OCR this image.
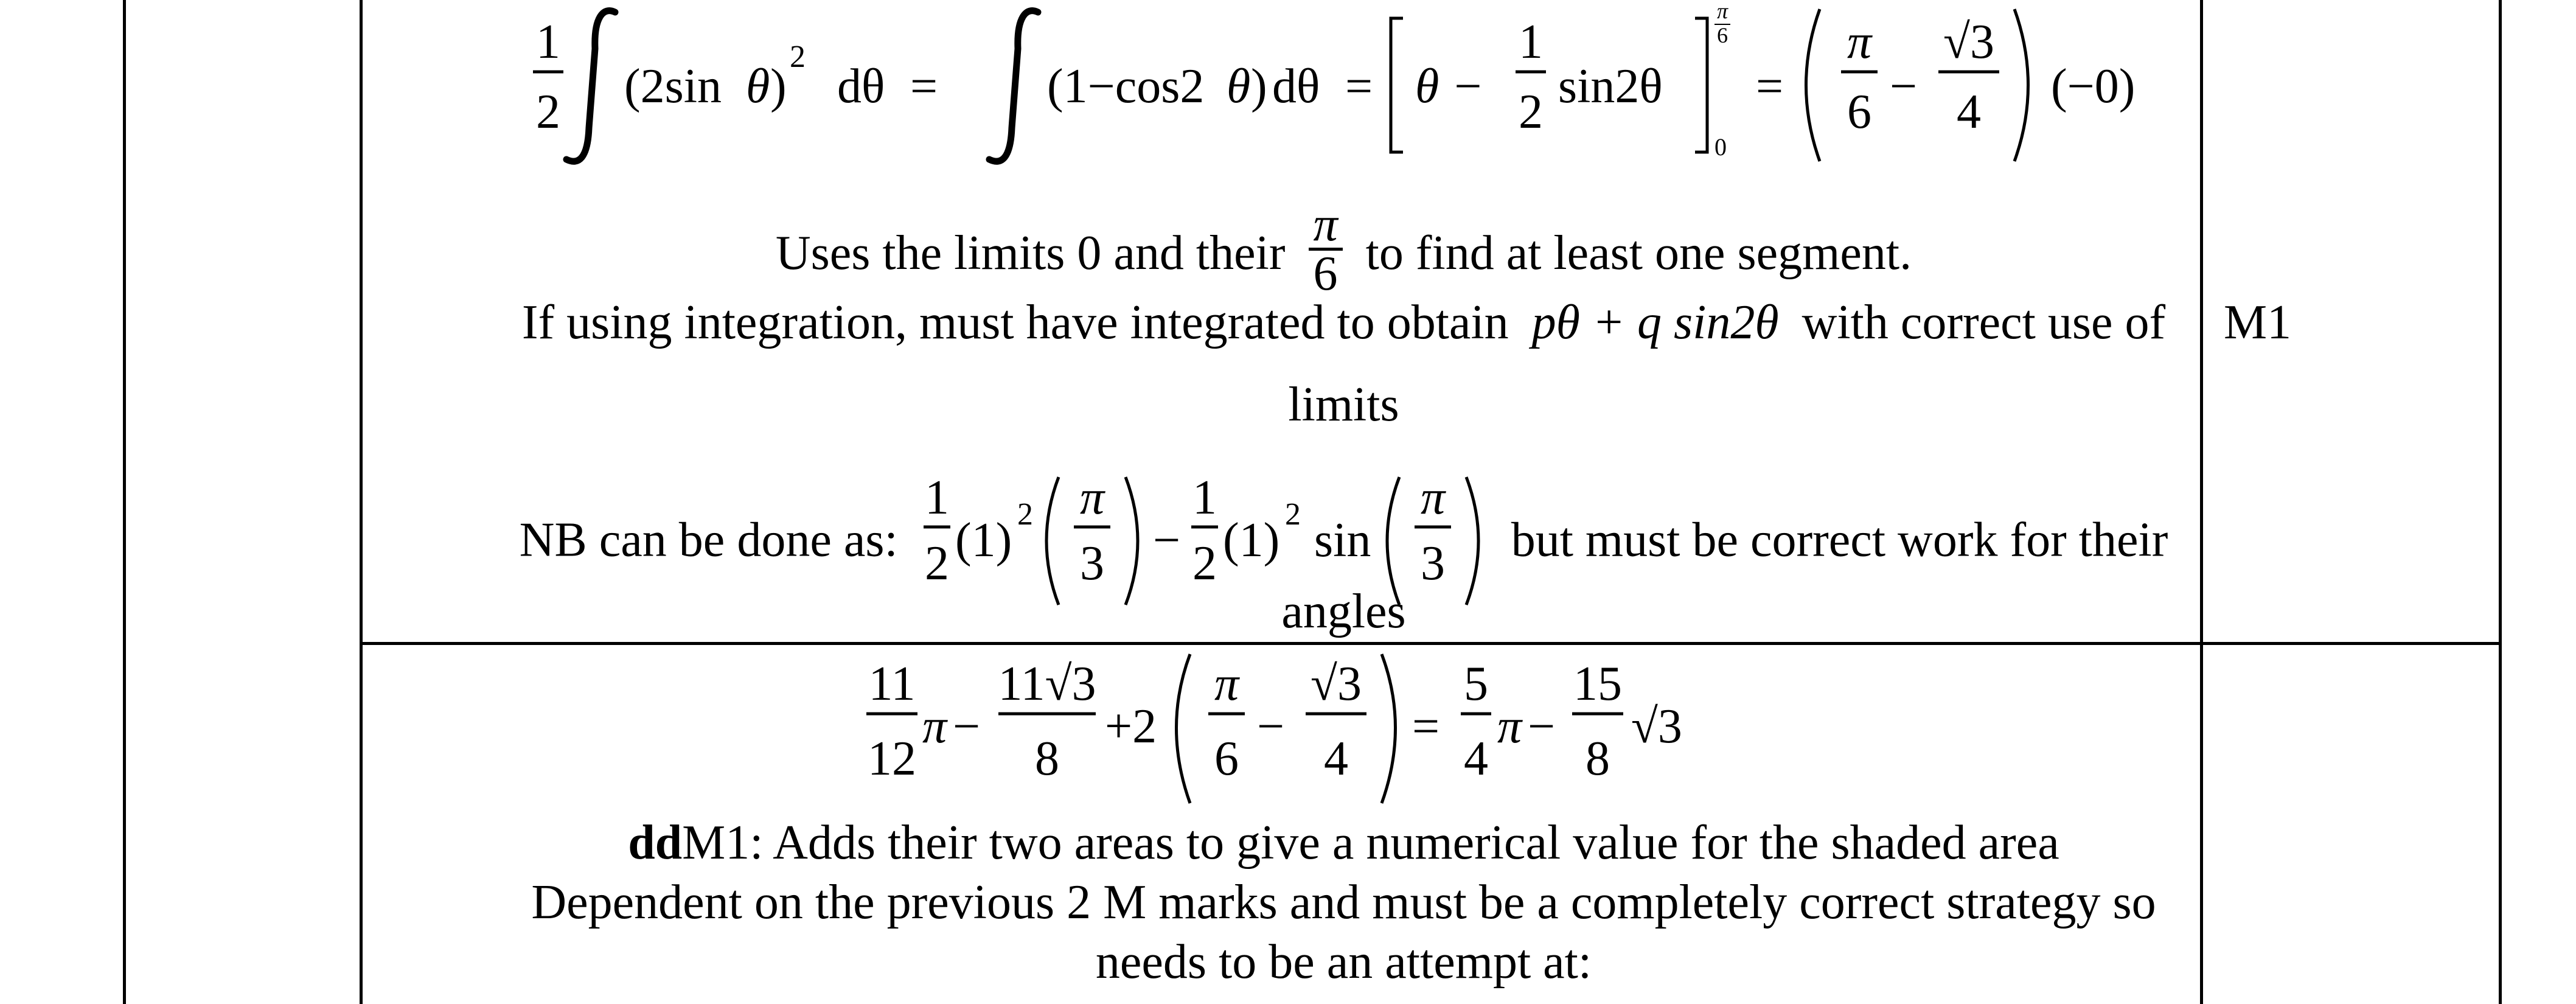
1
2 (2sin θ )
2
dθ = (1−cos2 θ ) dθ = θ −
1
2 sin2θ
π
6
0
=
π
6 −
√3
4 (−0)
Uses the limits 0 and their $\frac{\pi}{6}$ to find at least one segment.
If using integration, must have integrated to obtain pθ + q sin2θ with correct use of
limits
NB can be done as:
1
2 (1) 2 π
3 −
1
2 (1) 2 sin
π
3 but must be correct work for their
angles
M1
11
12
π −
11√3
8
+2
π
6
−
√3
4
=
5
4
π −
15
8
√3
ddM1: Adds their two areas to give a numerical value for the shaded area
Dependent on the previous 2 M marks and must be a completely correct strategy so
needs to be an attempt at:
